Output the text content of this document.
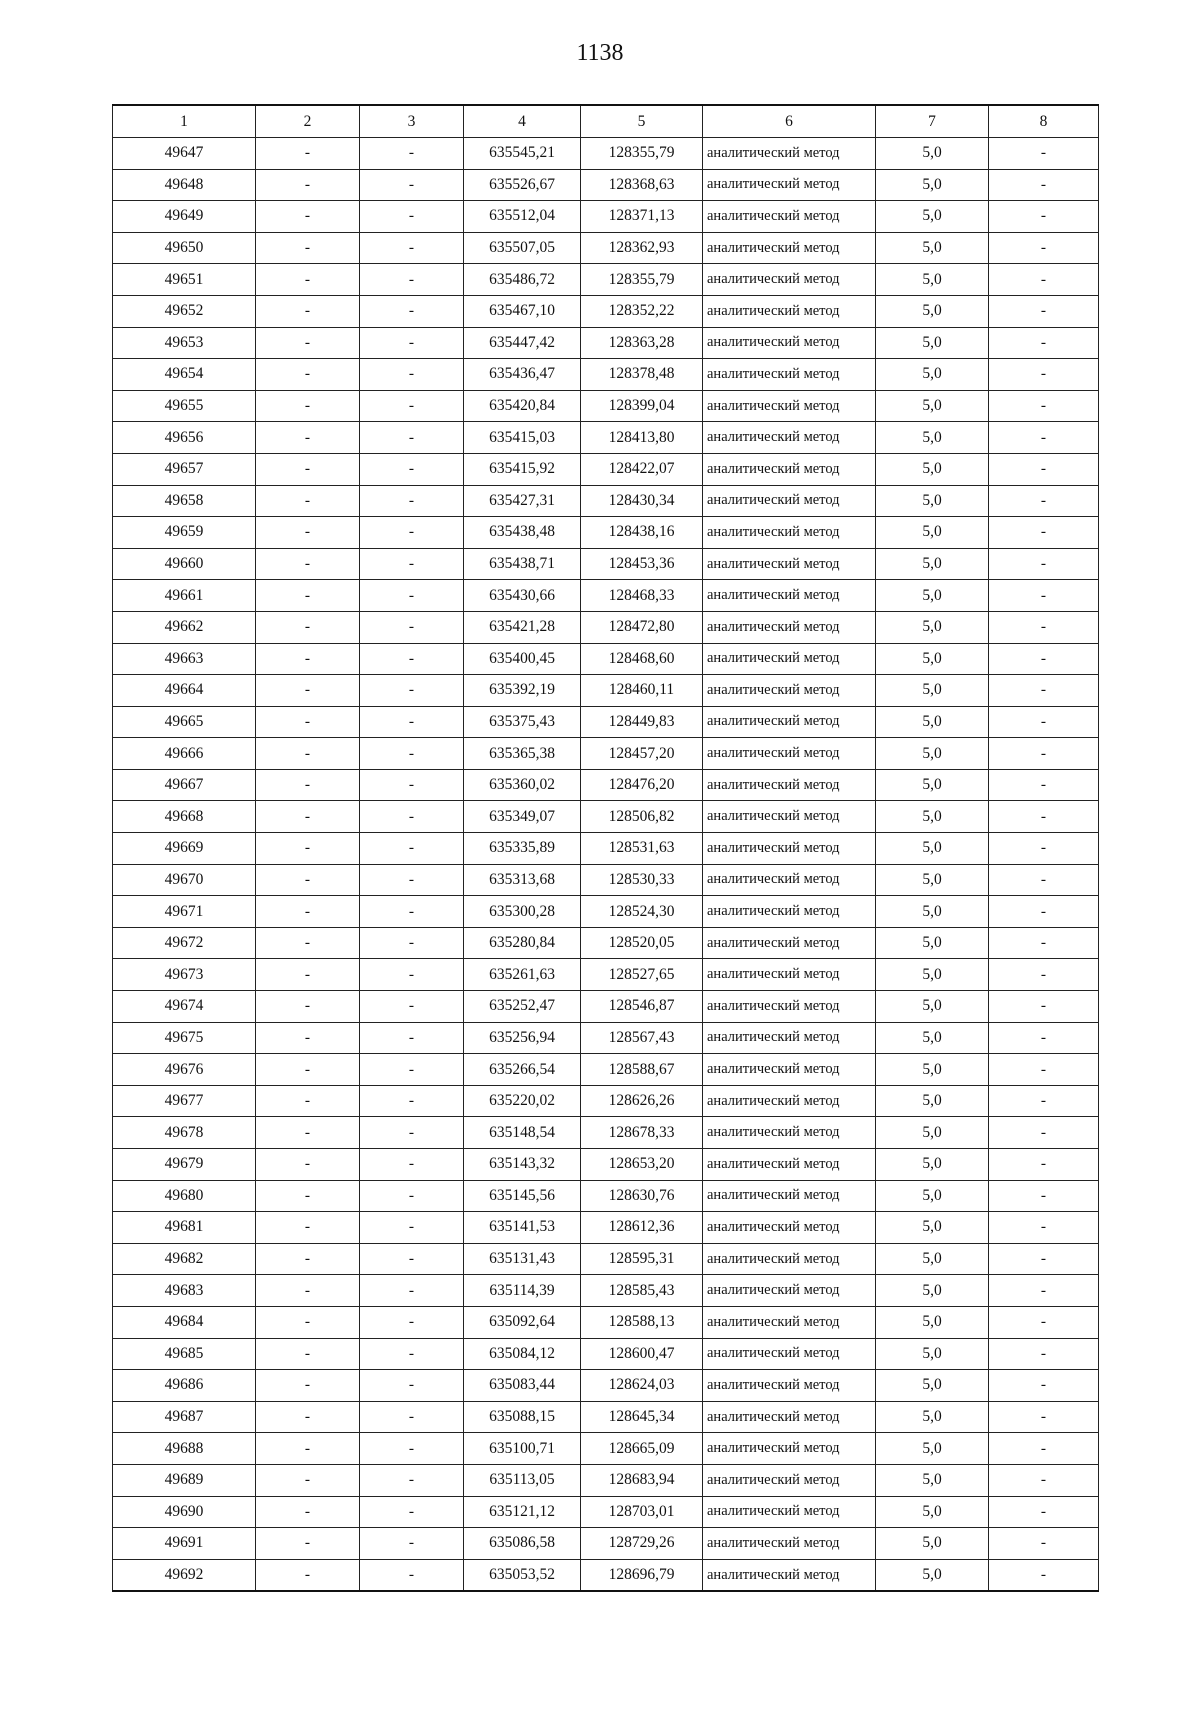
1138
1	2	3	4	5	6	7	8
49647	-	-	635545,21	128355,79	аналитический метод	5,0	-
49648	-	-	635526,67	128368,63	аналитический метод	5,0	-
49649	-	-	635512,04	128371,13	аналитический метод	5,0	-
49650	-	-	635507,05	128362,93	аналитический метод	5,0	-
49651	-	-	635486,72	128355,79	аналитический метод	5,0	-
49652	-	-	635467,10	128352,22	аналитический метод	5,0	-
49653	-	-	635447,42	128363,28	аналитический метод	5,0	-
49654	-	-	635436,47	128378,48	аналитический метод	5,0	-
49655	-	-	635420,84	128399,04	аналитический метод	5,0	-
49656	-	-	635415,03	128413,80	аналитический метод	5,0	-
49657	-	-	635415,92	128422,07	аналитический метод	5,0	-
49658	-	-	635427,31	128430,34	аналитический метод	5,0	-
49659	-	-	635438,48	128438,16	аналитический метод	5,0	-
49660	-	-	635438,71	128453,36	аналитический метод	5,0	-
49661	-	-	635430,66	128468,33	аналитический метод	5,0	-
49662	-	-	635421,28	128472,80	аналитический метод	5,0	-
49663	-	-	635400,45	128468,60	аналитический метод	5,0	-
49664	-	-	635392,19	128460,11	аналитический метод	5,0	-
49665	-	-	635375,43	128449,83	аналитический метод	5,0	-
49666	-	-	635365,38	128457,20	аналитический метод	5,0	-
49667	-	-	635360,02	128476,20	аналитический метод	5,0	-
49668	-	-	635349,07	128506,82	аналитический метод	5,0	-
49669	-	-	635335,89	128531,63	аналитический метод	5,0	-
49670	-	-	635313,68	128530,33	аналитический метод	5,0	-
49671	-	-	635300,28	128524,30	аналитический метод	5,0	-
49672	-	-	635280,84	128520,05	аналитический метод	5,0	-
49673	-	-	635261,63	128527,65	аналитический метод	5,0	-
49674	-	-	635252,47	128546,87	аналитический метод	5,0	-
49675	-	-	635256,94	128567,43	аналитический метод	5,0	-
49676	-	-	635266,54	128588,67	аналитический метод	5,0	-
49677	-	-	635220,02	128626,26	аналитический метод	5,0	-
49678	-	-	635148,54	128678,33	аналитический метод	5,0	-
49679	-	-	635143,32	128653,20	аналитический метод	5,0	-
49680	-	-	635145,56	128630,76	аналитический метод	5,0	-
49681	-	-	635141,53	128612,36	аналитический метод	5,0	-
49682	-	-	635131,43	128595,31	аналитический метод	5,0	-
49683	-	-	635114,39	128585,43	аналитический метод	5,0	-
49684	-	-	635092,64	128588,13	аналитический метод	5,0	-
49685	-	-	635084,12	128600,47	аналитический метод	5,0	-
49686	-	-	635083,44	128624,03	аналитический метод	5,0	-
49687	-	-	635088,15	128645,34	аналитический метод	5,0	-
49688	-	-	635100,71	128665,09	аналитический метод	5,0	-
49689	-	-	635113,05	128683,94	аналитический метод	5,0	-
49690	-	-	635121,12	128703,01	аналитический метод	5,0	-
49691	-	-	635086,58	128729,26	аналитический метод	5,0	-
49692	-	-	635053,52	128696,79	аналитический метод	5,0	-
